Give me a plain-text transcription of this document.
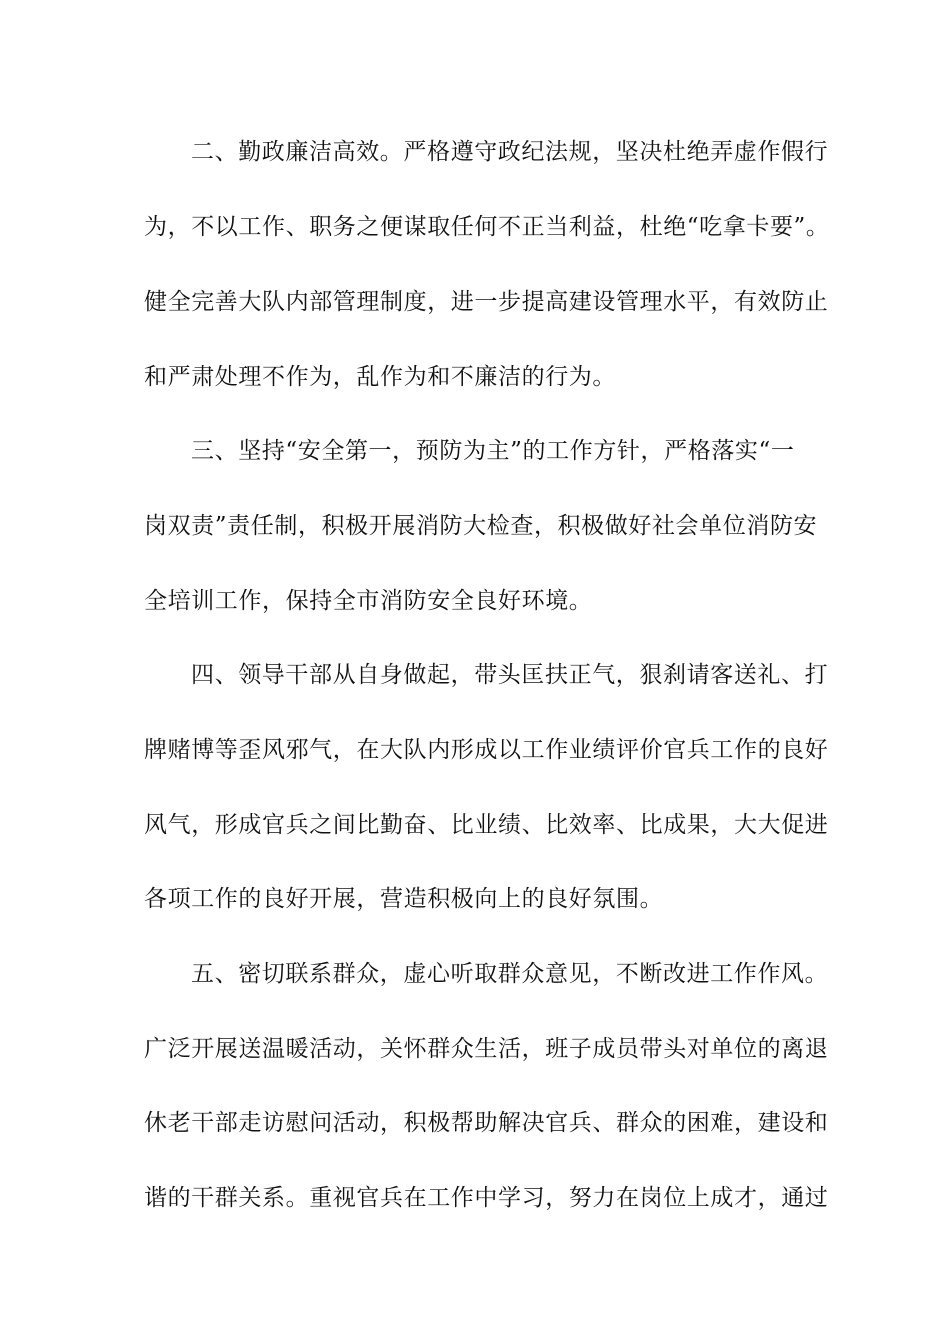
二、勤政廉洁高效。严格遵守政纪法规，坚决杜绝弄虚作假行
为，不以工作、职务之便谋取任何不正当利益，杜绝“吃拿卡要”。
健全完善大队内部管理制度，进一步提高建设管理水平，有效防止
和严肃处理不作为，乱作为和不廉洁的行为。
三、坚持“安全第一，预防为主”的工作方针，严格落实“一
岗双责”责任制，积极开展消防大检查，积极做好社会单位消防安
全培训工作，保持全市消防安全良好环境。
四、领导干部从自身做起，带头匡扶正气，狠刹请客送礼、打
牌赌博等歪风邪气，在大队内形成以工作业绩评价官兵工作的良好
风气，形成官兵之间比勤奋、比业绩、比效率、比成果，大大促进
各项工作的良好开展，营造积极向上的良好氛围。
五、密切联系群众，虚心听取群众意见，不断改进工作作风。
广泛开展送温暖活动，关怀群众生活，班子成员带头对单位的离退
休老干部走访慰问活动，积极帮助解决官兵、群众的困难，建设和
谐的干群关系。重视官兵在工作中学习，努力在岗位上成才，通过
